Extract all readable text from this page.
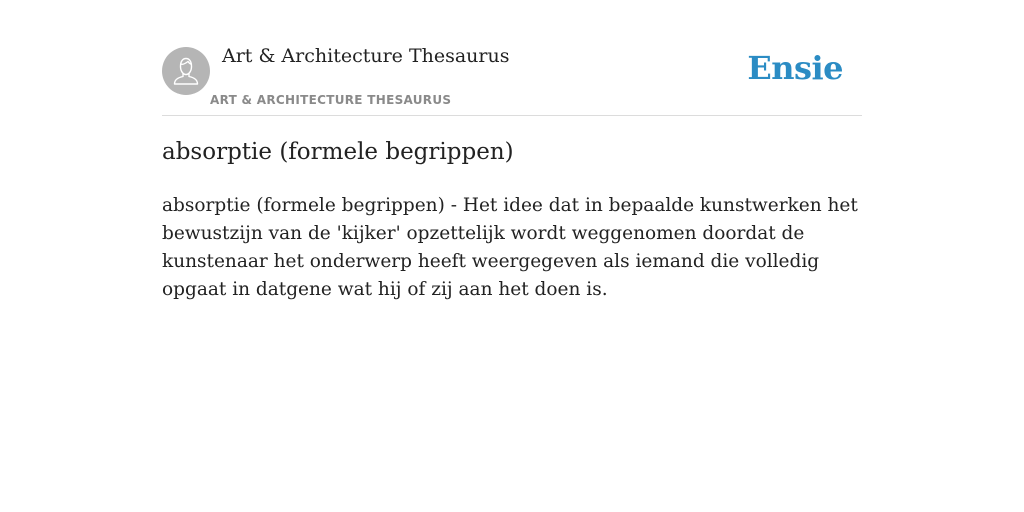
Art & Architecture Thesaurus
ART & ARCHITECTURE THESAURUS
Ensie
absorptie (formele begrippen)

absorptie (formele begrippen) - Het idee dat in bepaalde kunstwerken het bewustzijn van de 'kijker' opzettelijk wordt weggenomen doordat de kunstenaar het onderwerp heeft weergegeven als iemand die volledig opgaat in datgene wat hij of zij aan het doen is.
